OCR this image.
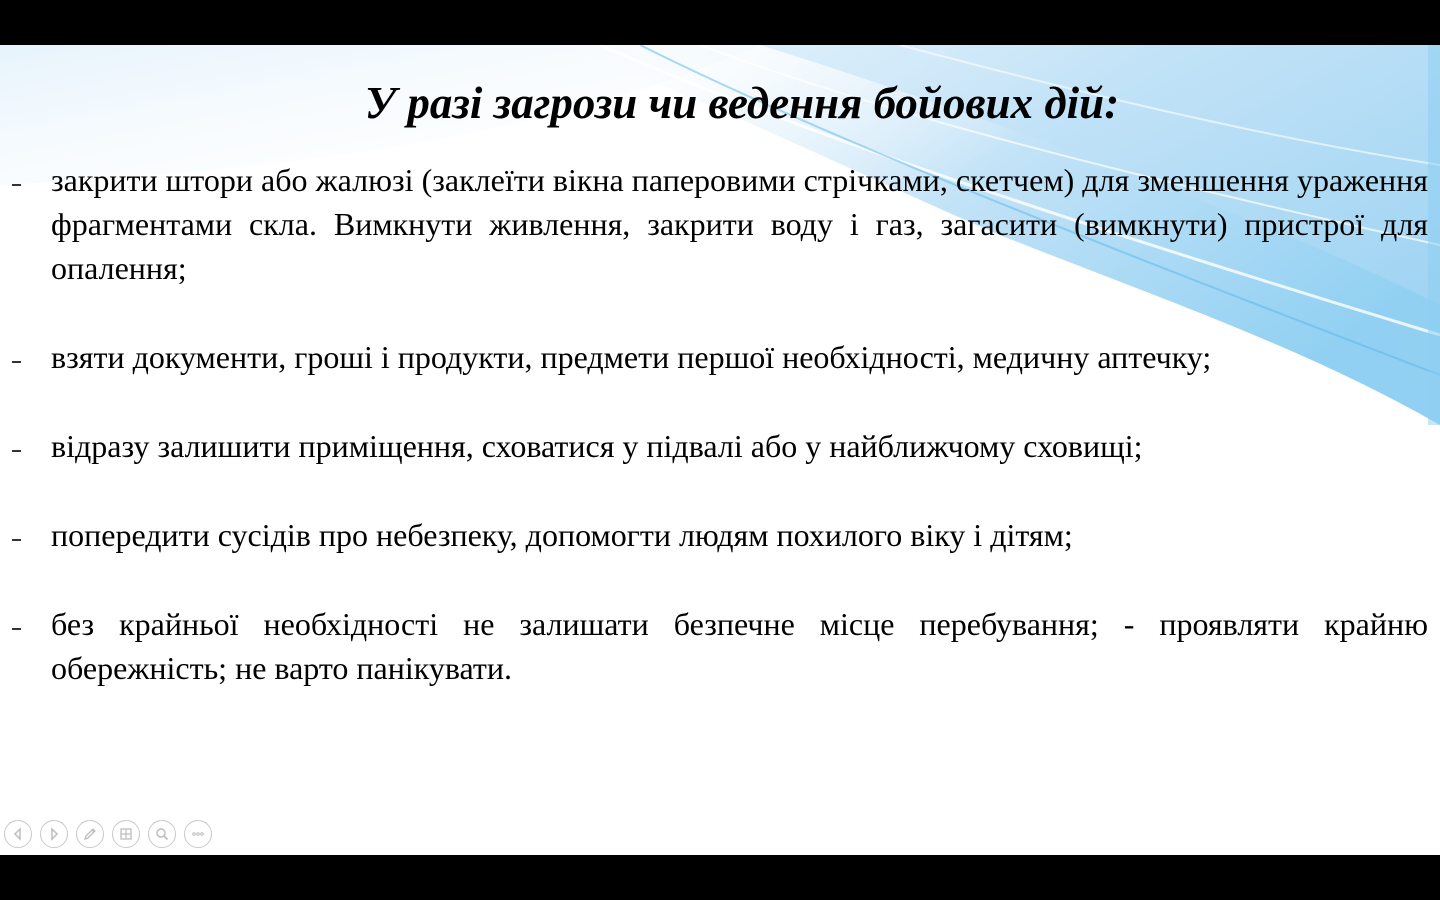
У разі загрози чи ведення бойових дій:
закрити штори або жалюзі (заклеїти вікна паперовими стрічками, скетчем) для зменшення ураження фрагментами скла. Вимкнути живлення, закрити воду і газ, загасити (вимкнути) пристрої для опалення;
взяти документи, гроші і продукти, предмети першої необхідності, медичну аптечку;
відразу залишити приміщення, сховатися у підвалі або у найближчому сховищі;
попередити сусідів про небезпеку, допомогти людям похилого віку і дітям;
без крайньої необхідності не залишати безпечне місце перебування; - проявляти крайню обережність; не варто панікувати.
